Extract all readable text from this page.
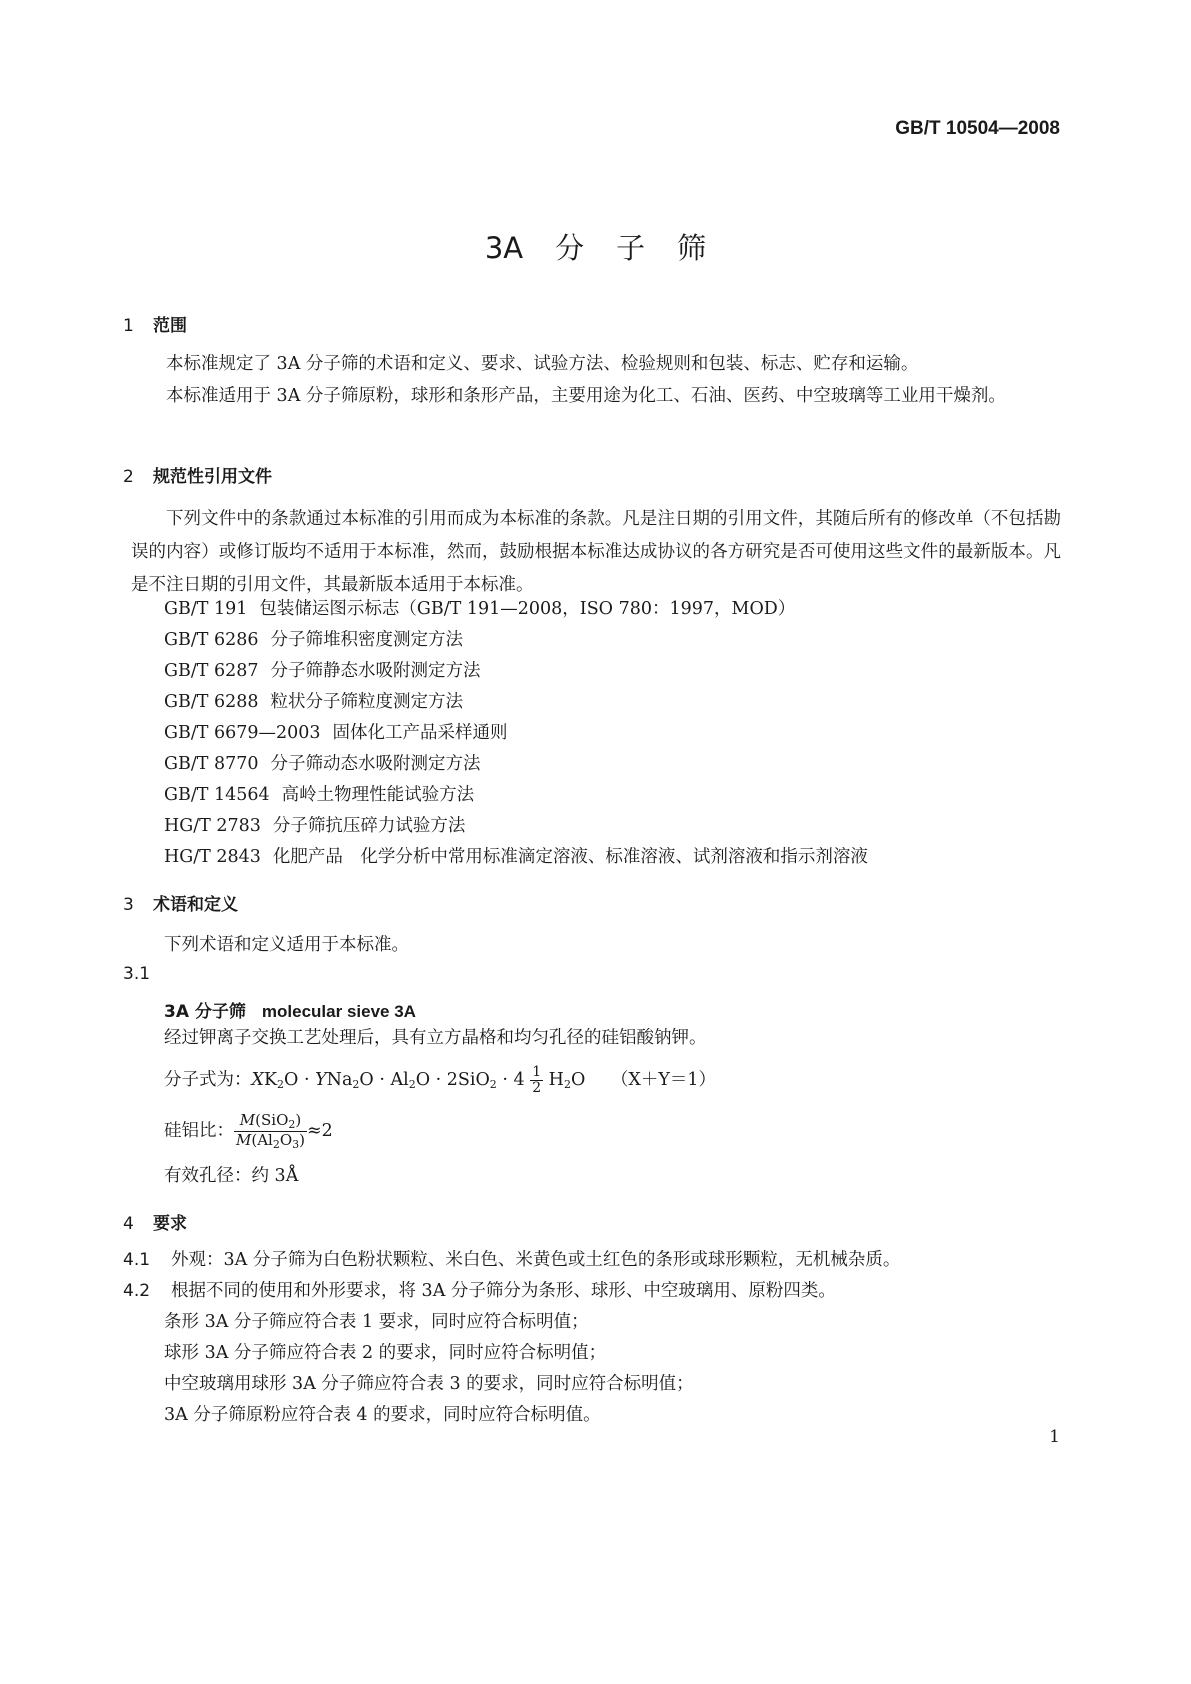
GB/T 10504—2008
3A 分 子 筛
1 范围
本标准规定了 3A 分子筛的术语和定义、要求、试验方法、检验规则和包装、标志、贮存和运输。
本标准适用于 3A 分子筛原粉，球形和条形产品，主要用途为化工、石油、医药、中空玻璃等工业用干燥剂。
2 规范性引用文件
下列文件中的条款通过本标准的引用而成为本标准的条款。凡是注日期的引用文件，其随后所有的修改单（不包括勘误的内容）或修订版均不适用于本标准，然而，鼓励根据本标准达成协议的各方研究是否可使用这些文件的最新版本。凡是不注日期的引用文件，其最新版本适用于本标准。
GB/T 191 包装储运图示标志（GB/T 191—2008，ISO 780：1997，MOD）
GB/T 6286 分子筛堆积密度测定方法
GB/T 6287 分子筛静态水吸附测定方法
GB/T 6288 粒状分子筛粒度测定方法
GB/T 6679—2003 固体化工产品采样通则
GB/T 8770 分子筛动态水吸附测定方法
GB/T 14564 高岭土物理性能试验方法
HG/T 2783 分子筛抗压碎力试验方法
HG/T 2843 化肥产品　化学分析中常用标准滴定溶液、标准溶液、试剂溶液和指示剂溶液
3 术语和定义
下列术语和定义适用于本标准。
3.1
3A 分子筛 molecular sieve 3A
经过钾离子交换工艺处理后，具有立方晶格和均匀孔径的硅铝酸钠钾。
分子式为：$XK_2O \cdot YNa_2O \cdot Al_2O \cdot 2SiO_2 \cdot 4 \frac{1}{2} H_2O$ （X＋Y＝1）
硅铝比： $\frac{M(SiO_2)}{M(Al_2O_3)} \approx 2$
有效孔径：约 3Å
4 要求
4.1 外观：3A 分子筛为白色粉状颗粒、米白色、米黄色或土红色的条形或球形颗粒，无机械杂质。
4.2 根据不同的使用和外形要求，将 3A 分子筛分为条形、球形、中空玻璃用、原粉四类。
条形 3A 分子筛应符合表 1 要求，同时应符合标明值；
球形 3A 分子筛应符合表 2 的要求，同时应符合标明值；
中空玻璃用球形 3A 分子筛应符合表 3 的要求，同时应符合标明值；
3A 分子筛原粉应符合表 4 的要求，同时应符合标明值。
1
